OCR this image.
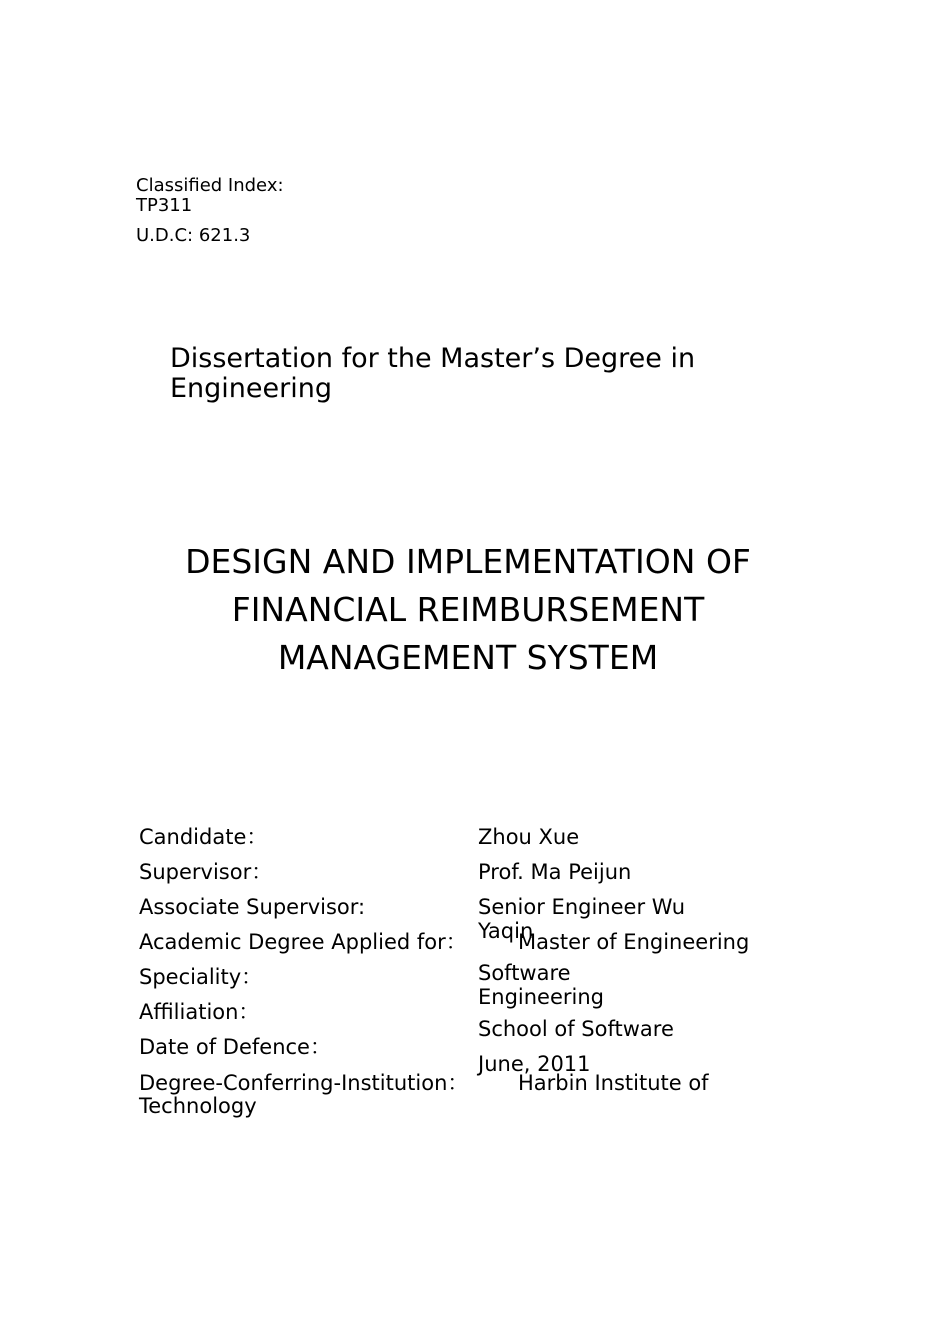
Classified Index:
TP311
U.D.C: 621.3
Dissertation for the Master’s Degree in Engineering
DESIGN AND IMPLEMENTATION OF
FINANCIAL REIMBURSEMENT
MANAGEMENT SYSTEM
Candidate：	Zhou Xue
Supervisor：	Prof. Ma Peijun
Associate Supervisor:	Senior Engineer Wu Yaqin
Academic Degree Applied for： Master of Engineering
Speciality：	Software Engineering
Affiliation：
School of Software
Date of Defence：
June, 2011
Degree-Conferring-Institution： Harbin Institute of
Technology
